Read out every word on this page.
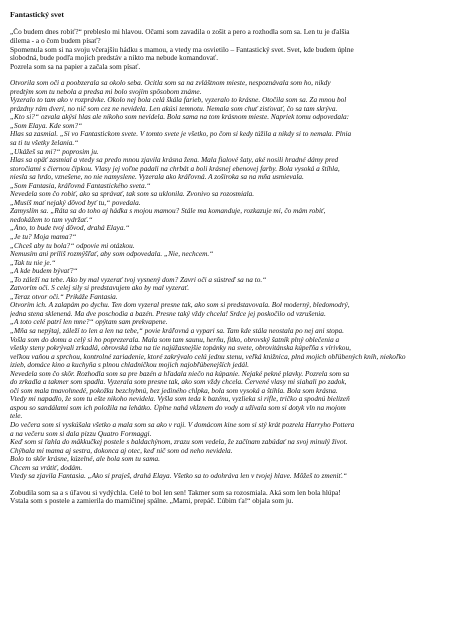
Fantastický svet
„Čo budem dnes robiť?“ prebleslo mi hlavou. Očami som zavadila o zošit a pero a rozhodla som sa. Len tu je ďalšia
dilema - a o čom budem písať?
Spomenula som si na svoju včerajšiu hádku s mamou, a vtedy ma osvietilo – Fantastický svet. Svet, kde budem úplne
slobodná, bude podľa mojich predstáv a nikto ma nebude komandovať.
Pozrela som sa na papier a začala som písať.
Otvorila som oči a poobzerala sa okolo seba. Ocitla som sa na zvláštnom mieste, nespoznávala som ho, nikdy
predtým som tu nebola a predsa mi bolo svojím spôsobom známe.
Vyzeralo to tam ako v rozprávke. Okolo nej bola celá škála farieb, vyzeralo to krásne. Otočila som sa. Za mnou bol
prázdny rám dverí, no nič som cez ne nevidela. Len akúsi temnotu. Nemala som chuť zisťovať, čo sa tam skrýva.
„Kto si?“ ozvala akýsi hlas ale nikoho som nevidela. Bola sama na tom krásnom mieste. Napriek tomu odpovedala:
„Som Elaya. Kde som?“
Hlas sa zasmial. „Si vo Fantastickom svete. V tomto svete je všetko, po čom si kedy túžila a nikdy si to nemala. Plnia
sa ti tu všetky želania.“
„Ukážeš sa mi?“ poprosim ju.
Hlas sa opäť zasmial a vtedy sa predo mnou zjavila krásna žena. Mala fialové šaty, aké nosili hradné dámy pred
storočiami s čiernou čipkou. Vlasy jej voľne padali na chrbát a boli krásnej ebenovej farby. Bola vysoká a štíhla,
niesla sa hrdo, vznešene, no nie namyslene. Vyzerala ako kráľovná. A zoširoka sa na mňa usmievala.
„Som Fantasia, kráľovná Fantastického sveta.“
Nevedela som čo robiť, ako sa správať, tak som sa uklonila. Zvonivo sa rozosmiala.
„Musíš mať nejaký dôvod byť tu,“ povedala.
Zamyslím sa. „Ráta sa do toho aj hádka s mojou mamou? Stále ma komanduje, rozkazuje mi, čo mám robiť,
nedokážem to tam vydržať.“
„Áno, to bude tvoj dôvod, drahá Elaya.“
„Je tu? Moja mama?“
„Chceš aby tu bola?“ odpovie mi otázkou.
Nemusím ani príliš rozmýšľať, aby som odpovedala. „Nie, nechcem.“
„Tak tu nie je.“
„A kde budem bývať?“
„To záleží na tebe. Ako by mal vyzerať tvoj vysnený dom? Zavri oči a sústreď sa na to.“
Zatvorím oči. S celej sily si predstavujem ako by mal vyzerať.
„Teraz otvor oči.“ Prikáže Fantasia.
Otvorím ich. A zalapám po dychu. Ten dom vyzeral presne tak, ako som si predstavovala. Bol moderný, bledomodrý,
jedna stena sklenená. Ma dve poschodia a bazén. Presne taký vždy chcela! Srdce jej poskočilo od vzrušenia.
„A toto celé patrí len mne?“ opýtam sam prekvapene.
„Mňa sa nepýtaj, záleží to len a len na tebe,“ povie kráľovná a vypari sa. Tam kde stála neostala po nej ani stopa.
Vošla som do domu a celý si ho poprezerala. Mala som tam saunu, herňu, fitko, obrovský šatník plný oblečenia a
všetky steny pokrývali zrkadlá, obrovská izba na tie najúžasnejšie topánky na svete, obrovitánska kúpeľňa s vírivkou,
veľkou vaňou a sprchou, kontrolné zariadenie, ktoré zakrývalo celú jednu stenu, veľká knižnica, plná mojich obľúbených kníh, niekoľko
izieb, domáce kino a kuchyňa s plnou chladničkou mojich najobľúbenejších jedál.
Nevedela som čo skôr. Rozhodla som sa pre bazén a hľadala niečo na kúpanie. Nejaké pekné plavky. Pozrela som sa
do zrkadla a takmer som spadla. Vyzerala som presne tak, ako som vždy chcela. Červené vlasy mi siahali po zadok,
oči som mala tmavohnedé, pokožku bezchybnú, bez jediného chĺpka, bola som vysoká a štíhla. Bola som krásna.
Vtedy mi napadlo, že som tu ešte nikoho nevidela. Vyšla som teda k bazénu, vyzlieka si rifle, tričko a spodnú bielizeň
aspou so sandálami som ich položila na lehátko. Úplne nahá vkĺznem do vody a užívala som si dotyk vln na mojom
tele.
Do večera som si vyskúšala všetko a mala som sa ako v raji. V domácom kine som si stý krát pozrela Harryho Pottera
a na večeru som si dala pizzu Quatro Formaggi.
Keď som si ľahla do mäkkučkej postele s baldachýnom, zrazu som vedela, že začínam zabúdať na svoj minulý život.
Chýbala mi mama aj sestra, dokonca aj otec, keď nič som od neho nevidela.
Bolo to skôr krásne, kúzelné, ale bola som tu sama.
Chcem sa vrátiť, dodám.
Vtedy sa zjavila Fantasia. „Ako si praješ, drahá Elaya. Všetko sa to odohráva len v tvojej hlave. Môžeš to zmeniť.“
Zobudila som sa a s úľavou si vydýchla. Celé to bol len sen! Takmer som sa rozosmiala. Aká som len bola hlúpa!
Vstala som s postele a zamierila do mamičinej spálne. „Mami, prepáč. Ľúbim ťa!“ objala som ju.
